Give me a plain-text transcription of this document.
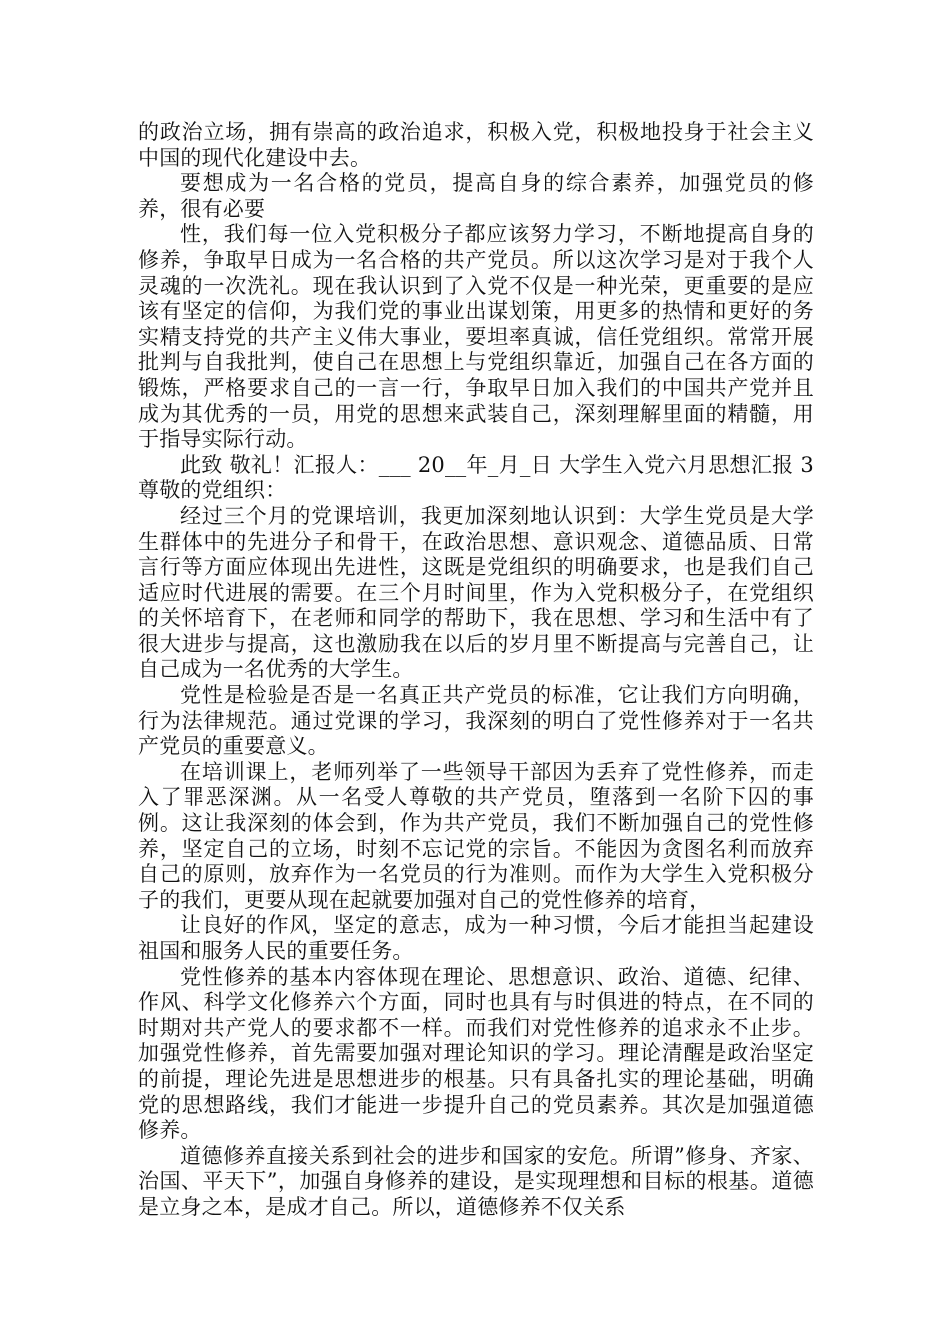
的政治立场，拥有崇高的政治追求，积极入党，积极地投身于社会主义中国的现代化建设中去。

要想成为一名合格的党员，提高自身的综合素养，加强党员的修养，很有必要

性，我们每一位入党积极分子都应该努力学习，不断地提高自身的修养，争取早日成为一名合格的共产党员。所以这次学习是对于我个人灵魂的一次洗礼。现在我认识到了入党不仅是一种光荣，更重要的是应该有坚定的信仰，为我们党的事业出谋划策，用更多的热情和更好的务实精支持党的共产主义伟大事业，要坦率真诚，信任党组织。常常开展批判与自我批判，使自己在思想上与党组织靠近，加强自己在各方面的锻炼，严格要求自己的一言一行，争取早日加入我们的中国共产党并且成为其优秀的一员，用党的思想来武装自己，深刻理解里面的精髓，用于指导实际行动。

此致 敬礼！汇报人：___ 20__年_月_日 大学生入党六月思想汇报 3 尊敬的党组织：

经过三个月的党课培训，我更加深刻地认识到：大学生党员是大学生群体中的先进分子和骨干，在政治思想、意识观念、道德品质、日常言行等方面应体现出先进性，这既是党组织的明确要求，也是我们自己适应时代进展的需要。在三个月时间里，作为入党积极分子，在党组织的关怀培育下，在老师和同学的帮助下，我在思想、学习和生活中有了很大进步与提高，这也激励我在以后的岁月里不断提高与完善自己，让自己成为一名优秀的大学生。

党性是检验是否是一名真正共产党员的标准，它让我们方向明确，行为法律规范。通过党课的学习，我深刻的明白了党性修养对于一名共产党员的重要意义。

在培训课上，老师列举了一些领导干部因为丢弃了党性修养，而走入了罪恶深渊。从一名受人尊敬的共产党员，堕落到一名阶下囚的事例。这让我深刻的体会到，作为共产党员，我们不断加强自己的党性修养，坚定自己的立场，时刻不忘记党的宗旨。不能因为贪图名利而放弃自己的原则，放弃作为一名党员的行为准则。而作为大学生入党积极分子的我们，更要从现在起就要加强对自己的党性修养的培育，

让良好的作风，坚定的意志，成为一种习惯，今后才能担当起建设祖国和服务人民的重要任务。

党性修养的基本内容体现在理论、思想意识、政治、道德、纪律、作风、科学文化修养六个方面，同时也具有与时俱进的特点，在不同的时期对共产党人的要求都不一样。而我们对党性修养的追求永不止步。加强党性修养，首先需要加强对理论知识的学习。理论清醒是政治坚定的前提，理论先进是思想进步的根基。只有具备扎实的理论基础，明确党的思想路线，我们才能进一步提升自己的党员素养。其次是加强道德修养。

道德修养直接关系到社会的进步和国家的安危。所谓”修身、齐家、治国、平天下”，加强自身修养的建设，是实现理想和目标的根基。道德是立身之本，是成才自己。所以，道德修养不仅关系
